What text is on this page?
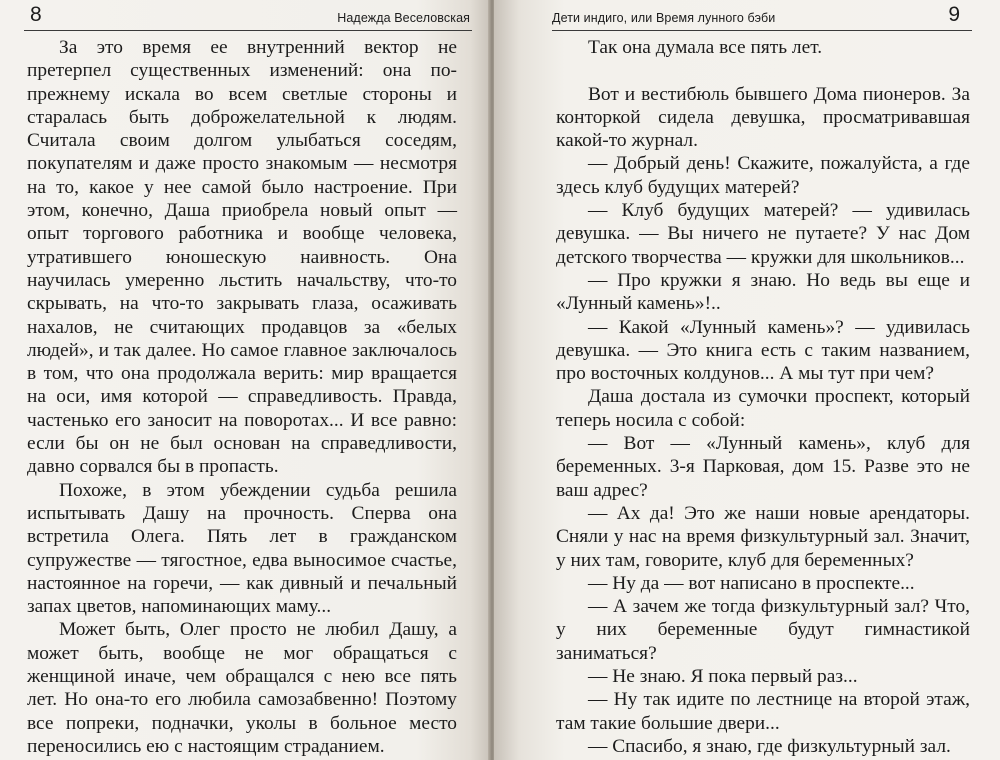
8	Надежда Веселовская

За это время ее внутренний вектор не претерпел существенных изменений: она по-прежнему искала во всем светлые стороны и старалась быть доброжелательной к людям. Считала своим долгом улыбаться соседям, покупателям и даже просто знакомым — несмотря на то, какое у нее самой было настроение. При этом, конечно, Даша приобрела новый опыт — опыт торгового работника и вообще человека, утратившего юношескую наивность. Она научилась умеренно льстить начальству, что-то скрывать, на что-то закрывать глаза, осаживать нахалов, не считающих продавцов за «белых людей», и так далее. Но самое главное заключалось в том, что она продолжала верить: мир вращается на оси, имя которой — справедливость. Правда, частенько его заносит на поворотах... И все равно: если бы он не был основан на справедливости, давно сорвался бы в пропасть.

Похоже, в этом убеждении судьба решила испытывать Дашу на прочность. Сперва она встретила Олега. Пять лет в гражданском супружестве — тягостное, едва выносимое счастье, настоянное на горечи, — как дивный и печальный запах цветов, напоминающих маму...

Может быть, Олег просто не любил Дашу, а может быть, вообще не мог обращаться с женщиной иначе, чем обращался с нею все пять лет. Но она-то его любила самозабвенно! Поэтому все попреки, подначки, уколы в больное место переносились ею с настоящим страданием.

Дети индиго, или Время лунного бэби	9

Так она думала все пять лет.

Вот и вестибюль бывшего Дома пионеров. За конторкой сидела девушка, просматривавшая какой-то журнал.

— Добрый день! Скажите, пожалуйста, а где здесь клуб будущих матерей?

— Клуб будущих матерей? — удивилась девушка. — Вы ничего не путаете? У нас Дом детского творчества — кружки для школьников...

— Про кружки я знаю. Но ведь вы еще и «Лунный камень»!..

— Какой «Лунный камень»? — удивилась девушка. — Это книга есть с таким названием, про восточных колдунов... А мы тут при чем?

Даша достала из сумочки проспект, который теперь носила с собой:

— Вот — «Лунный камень», клуб для беременных. 3-я Парковая, дом 15. Разве это не ваш адрес?

— Ах да! Это же наши новые арендаторы. Сняли у нас на время физкультурный зал. Значит, у них там, говорите, клуб для беременных?

— Ну да — вот написано в проспекте...

— А зачем же тогда физкультурный зал? Что, у них беременные будут гимнастикой заниматься?

— Не знаю. Я пока первый раз...

— Ну так идите по лестнице на второй этаж, там такие большие двери...

— Спасибо, я знаю, где физкультурный зал.
